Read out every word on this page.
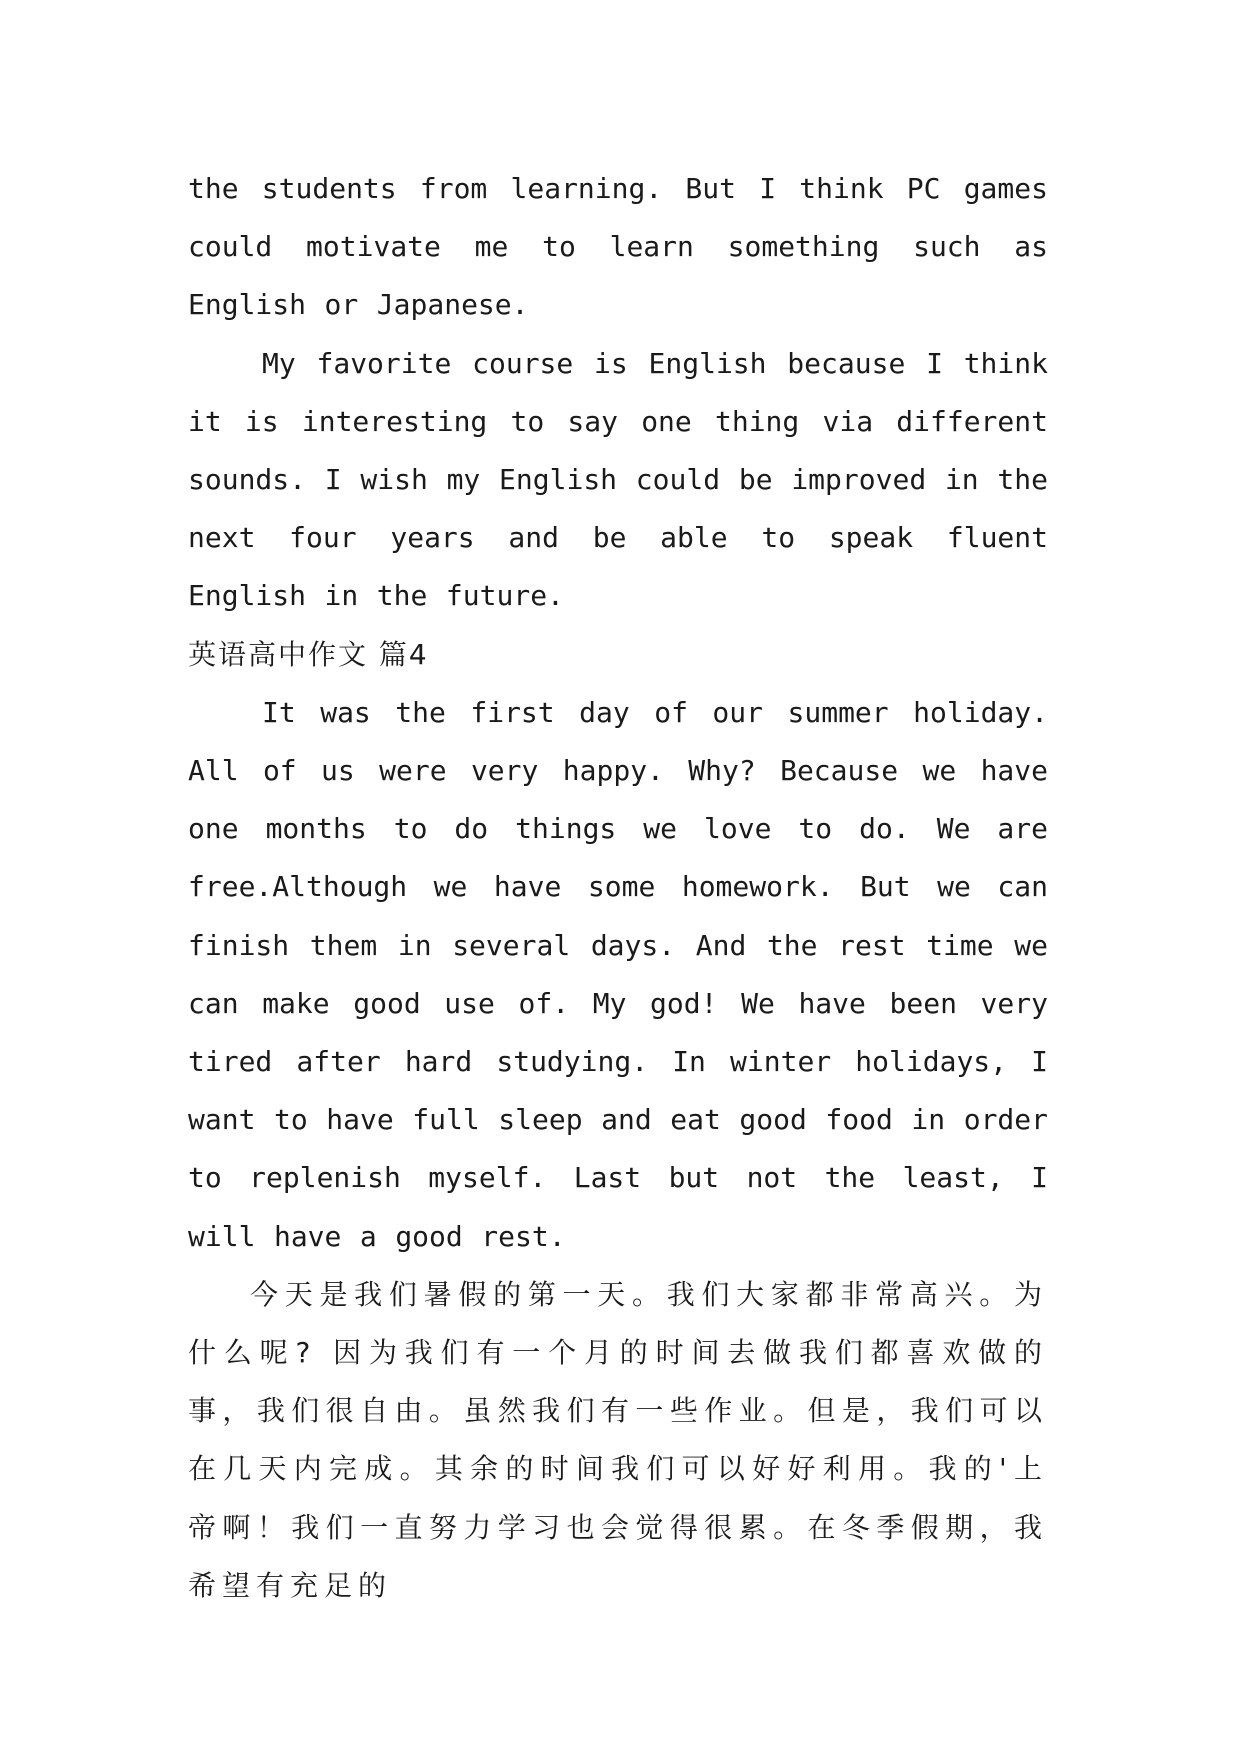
the students from learning. But I think PC games could motivate me to learn something such as English or Japanese.

My favorite course is English because I think it is interesting to say one thing via different sounds. I wish my English could be improved in the next four years and be able to speak fluent English in the future.

英语高中作文 篇4

It was the first day of our summer holiday. All of us were very happy. Why? Because we have one months to do things we love to do. We are free.Although we have some homework. But we can finish them in several days. And the rest time we can make good use of. My god! We have been very tired after hard studying. In winter holidays, I want to have full sleep and eat good food in order to replenish myself. Last but not the least, I will have a good rest.

今天是我们暑假的第一天。我们大家都非常高兴。为什么呢? 因为我们有一个月的时间去做我们都喜欢做的事，我们很自由。虽然我们有一些作业。但是，我们可以在几天内完成。其余的时间我们可以好好利用。我的'上帝啊！我们一直努力学习也会觉得很累。在冬季假期，我希望有充足的
